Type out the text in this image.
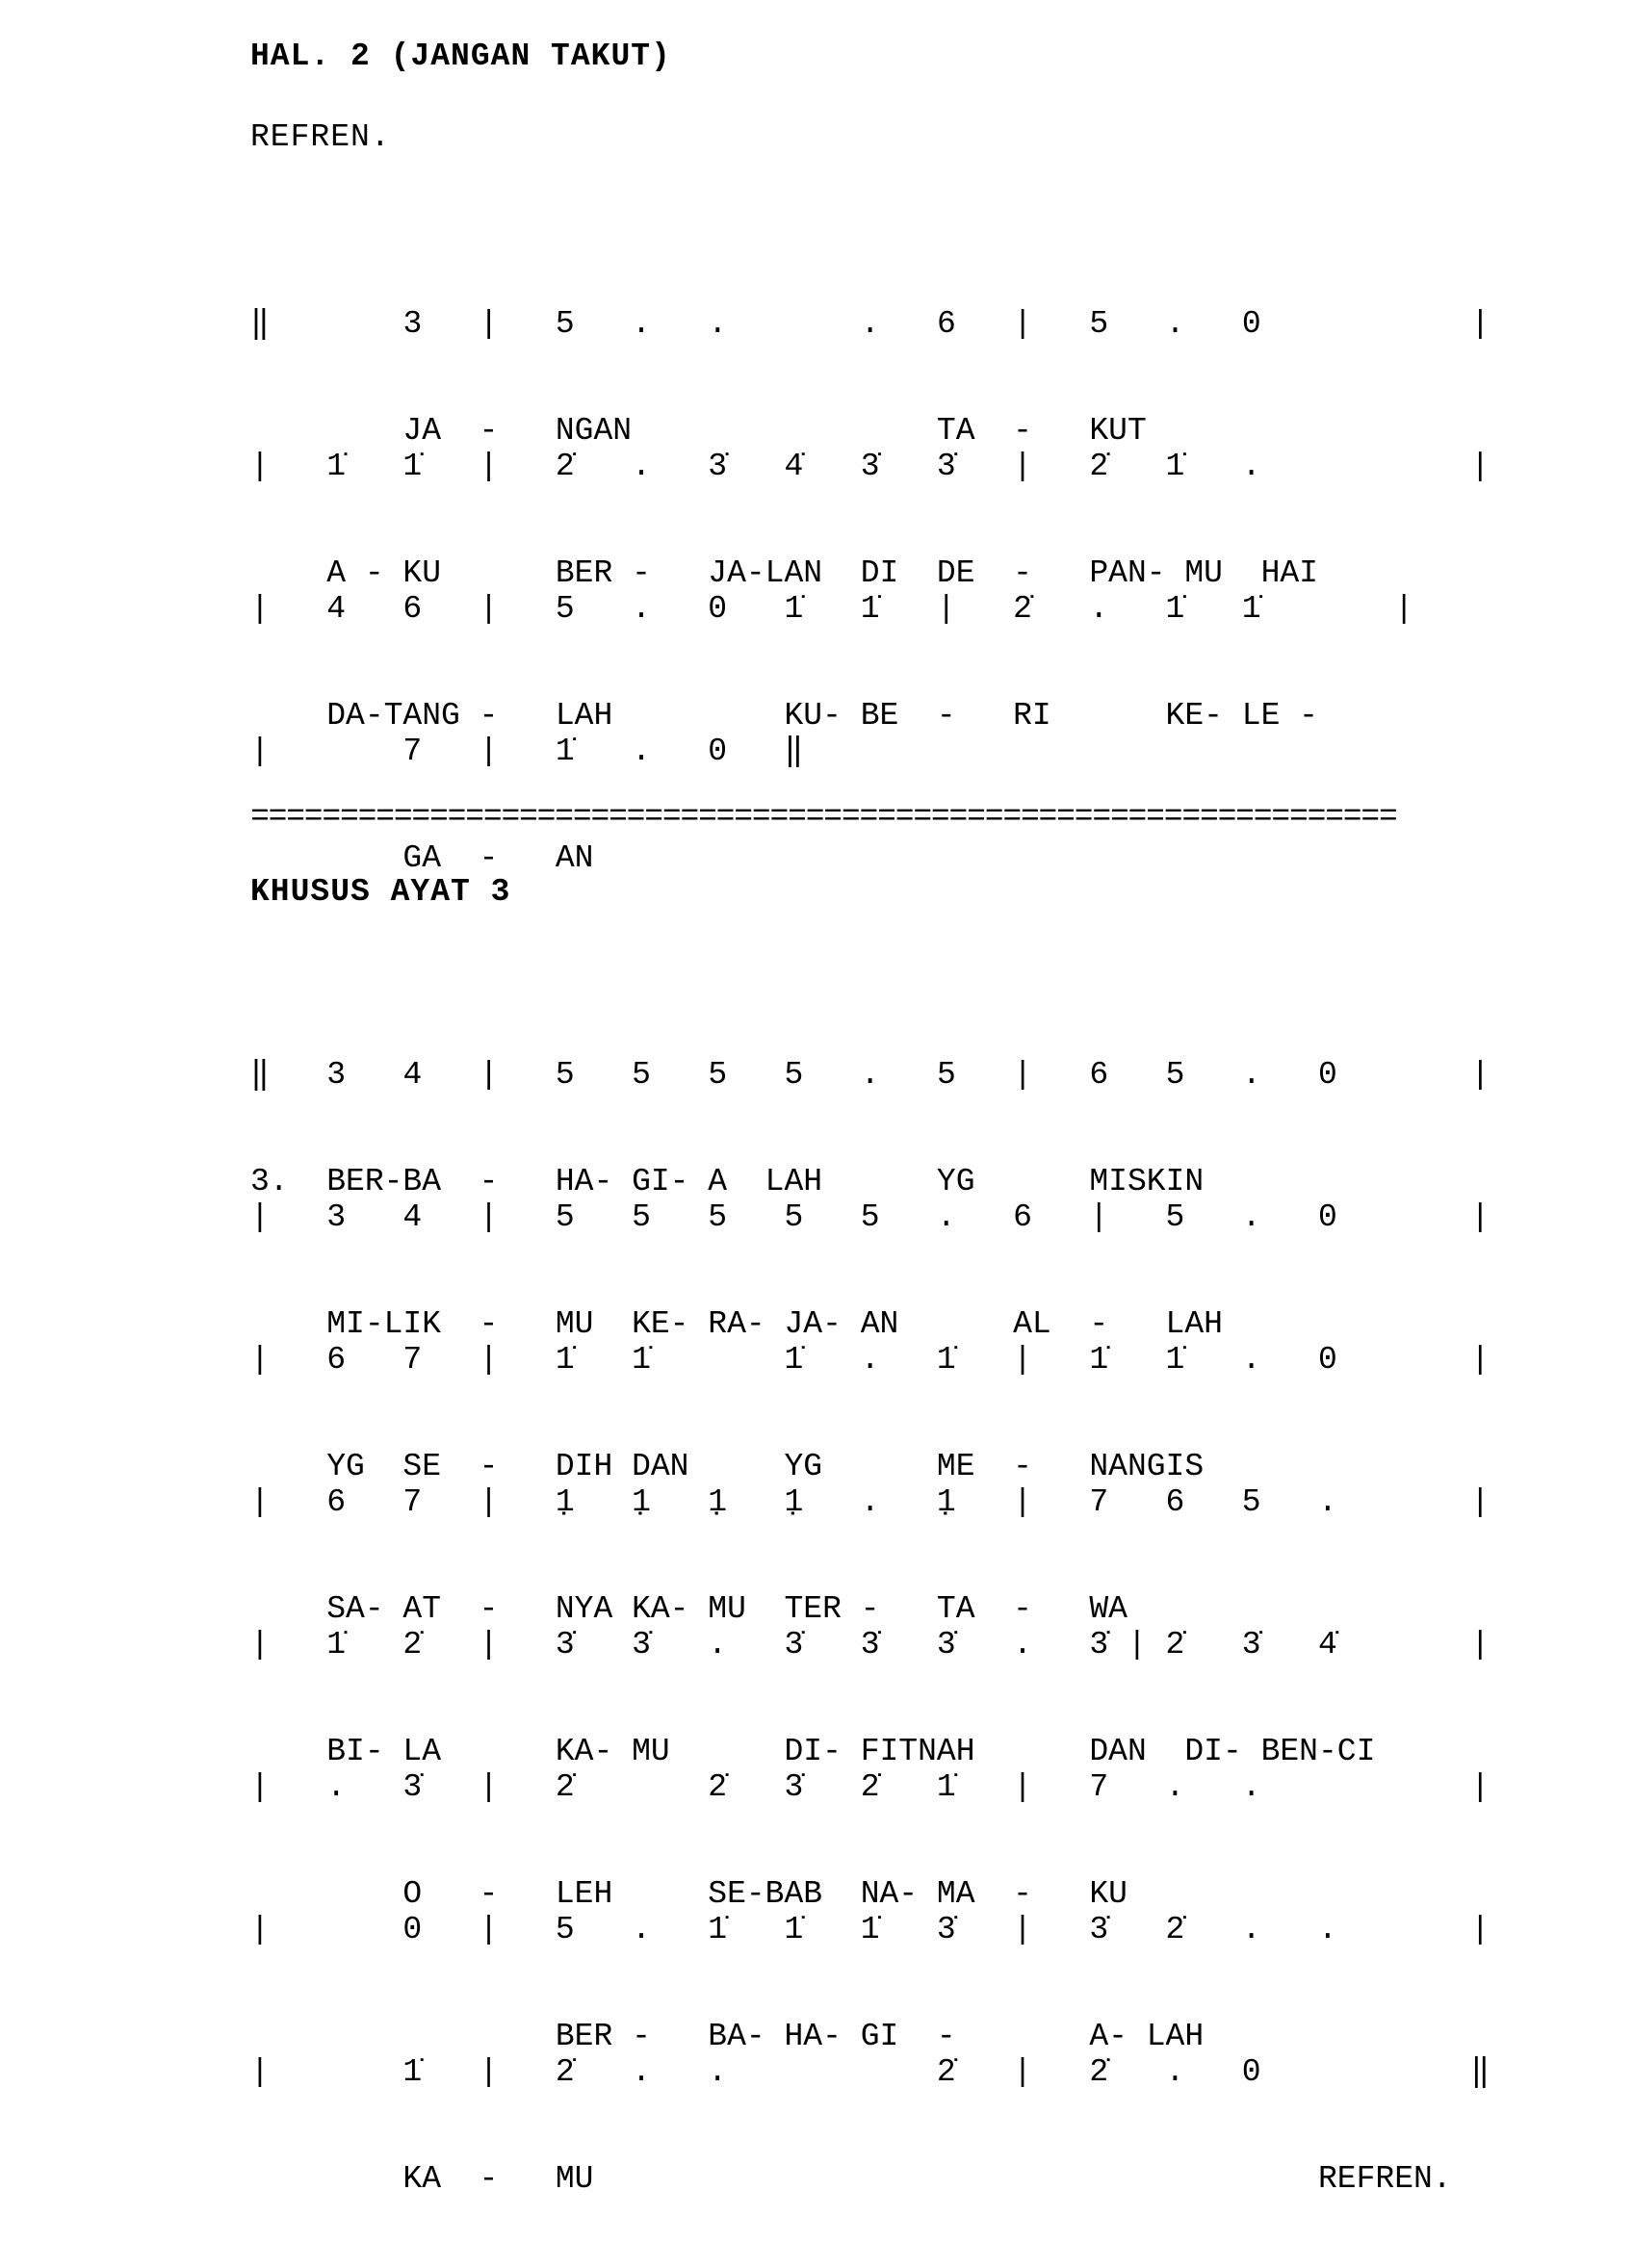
HAL. 2 (JANGAN TAKUT)

REFREN.

‖       3   |   5   .   .       .   6   |   5   .   0           |

JA  -   NGAN                TA  -   KUT

|   1̇   1̇   |   2̇   .   3̇   4̇   3̇   3̇   |   2̇   1̇   .           |

A - KU      BER -   JA-LAN  DI  DE  -   PAN- MU  HAI

|   4   6   |   5   .   0   1̇   1̇   |   2̇   .   1̇   1̇       |

DA-TANG -   LAH         KU- BE  -   RI      KE- LE -

|       7   |   1̇   .   0   ‖

GA  -   AN

================================================================

KHUSUS AYAT 3

‖   3   4   |   5   5   5   5   .   5   |   6   5   .   0       |

3.  BER-BA  -   HA- GI- A  LAH      YG      MISKIN

|   3   4   |   5   5   5   5   5   .   6   |   5   .   0       |

MI-LIK  -   MU  KE- RA- JA- AN      AL  -   LAH

|   6   7   |   1̇   1̇       1̇   .   1̇   |   1̇   1̇   .   0       |

YG  SE  -   DIH DAN     YG      ME  -   NANGIS

|   6   7   |   1̣   1̣   1̣   1̣   .   1̣   |   7   6   5   .       |

SA- AT  -   NYA KA- MU  TER -   TA  -   WA

|   1̇   2̇   |   3̇   3̇   .   3̇   3̇   3̇   .   3̇ | 2̇   3̇   4̇       |

BI- LA      KA- MU      DI- FITNAH      DAN  DI- BEN-CI

|   .   3̇   |   2̇       2̇   3̇   2̇   1̇   |   7   .   .           |

O   -   LEH     SE-BAB  NA- MA  -   KU

|       0   |   5   .   1̇   1̇   1̇   3̇   |   3̇   2̇   .   .       |

BER -   BA- HA- GI  -       A- LAH

|       1̇   |   2̇   .   .           2̇   |   2̇   .   0           ‖

KA  -   MU                                      REFREN.
